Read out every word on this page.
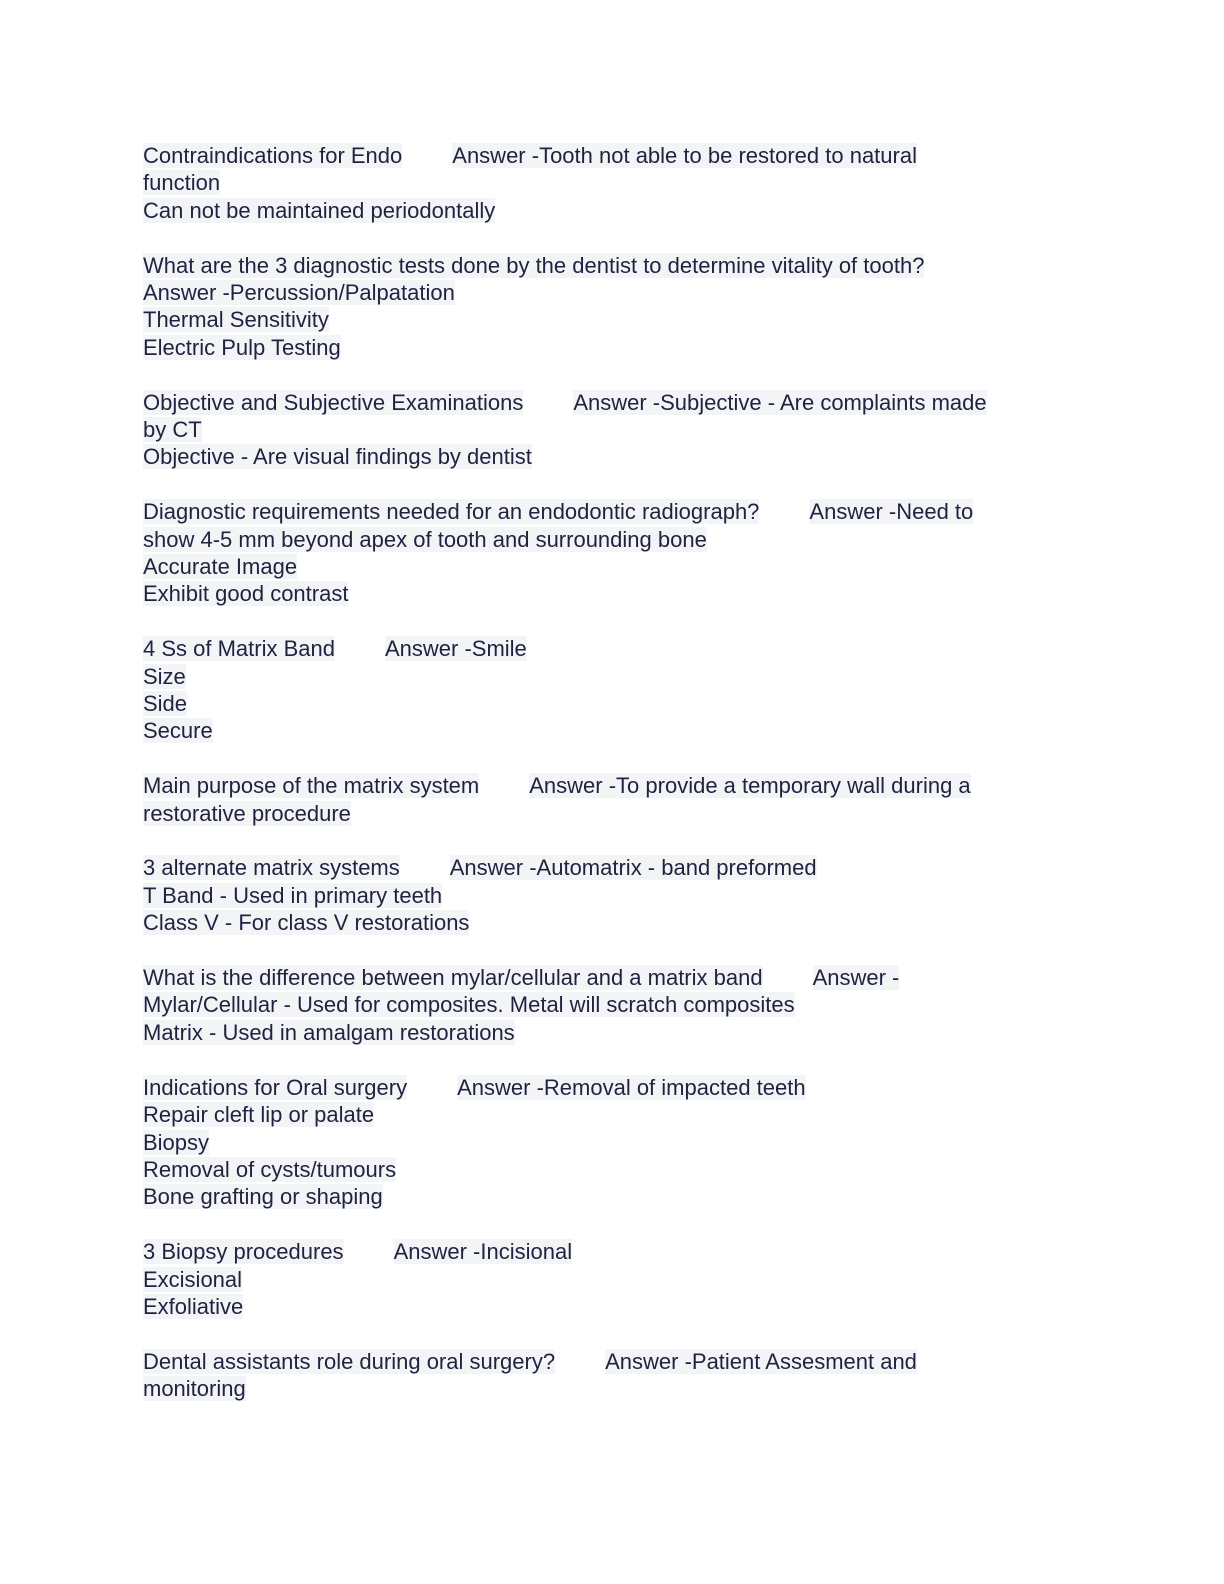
Contraindications for Endo Answer -Tooth not able to be restored to natural
function
Can not be maintained periodontally
What are the 3 diagnostic tests done by the dentist to determine vitality of tooth?
Answer -Percussion/Palpatation
Thermal Sensitivity
Electric Pulp Testing
Objective and Subjective Examinations Answer -Subjective - Are complaints made
by CT
Objective - Are visual findings by dentist
Diagnostic requirements needed for an endodontic radiograph? Answer -Need to
show 4-5 mm beyond apex of tooth and surrounding bone
Accurate Image
Exhibit good contrast
4 Ss of Matrix Band Answer -Smile
Size
Side
Secure
Main purpose of the matrix system Answer -To provide a temporary wall during a
restorative procedure
3 alternate matrix systems Answer -Automatrix - band preformed
T Band - Used in primary teeth
Class V - For class V restorations
What is the difference between mylar/cellular and a matrix band Answer -
Mylar/Cellular - Used for composites. Metal will scratch composites
Matrix - Used in amalgam restorations
Indications for Oral surgery Answer -Removal of impacted teeth
Repair cleft lip or palate
Biopsy
Removal of cysts/tumours
Bone grafting or shaping
3 Biopsy procedures Answer -Incisional
Excisional
Exfoliative
Dental assistants role during oral surgery? Answer -Patient Assesment and
monitoring
